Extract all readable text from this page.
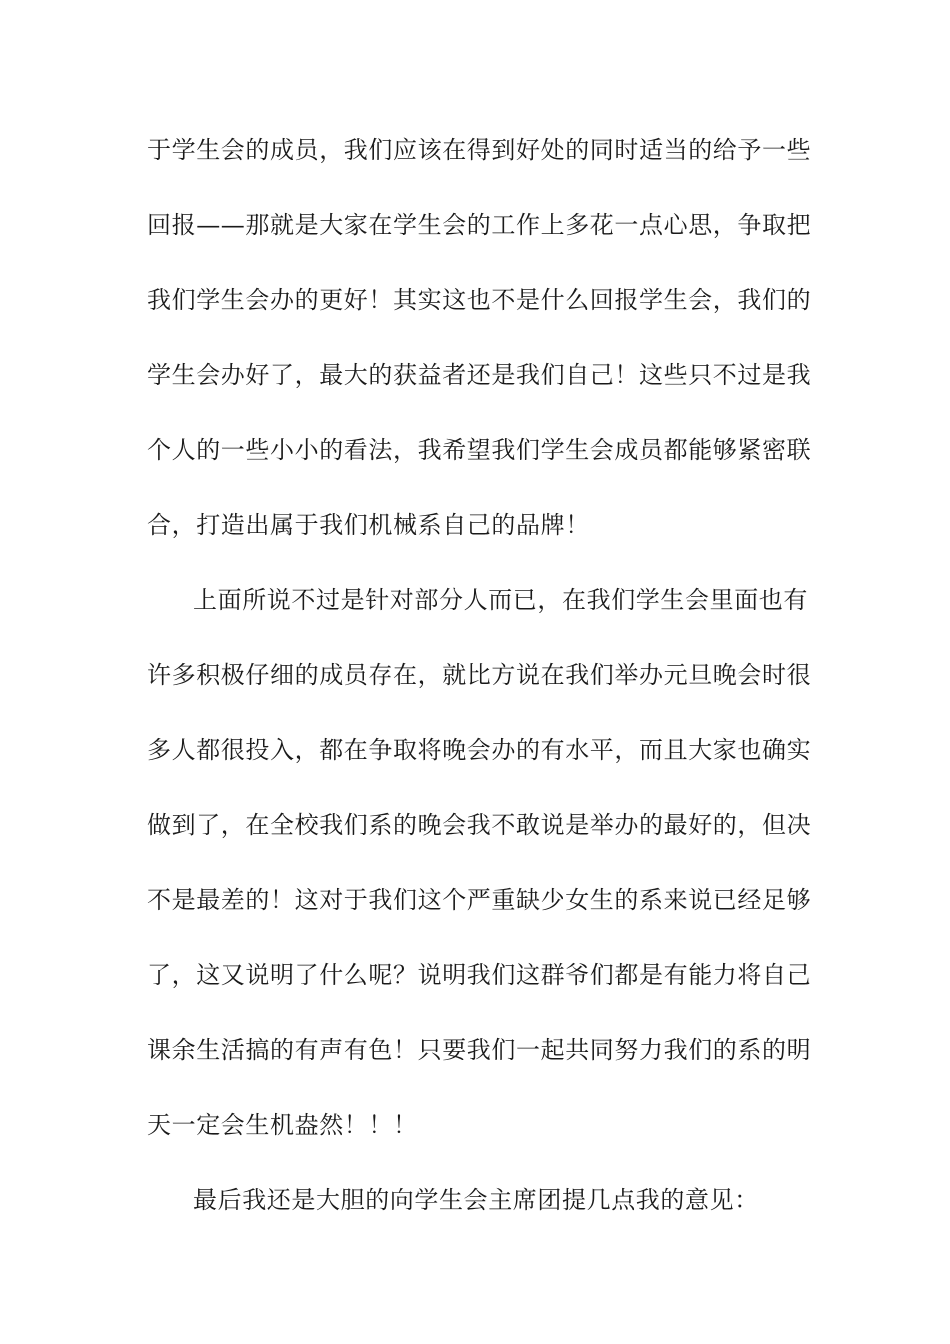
于学生会的成员，我们应该在得到好处的同时适当的给予一些
回报——那就是大家在学生会的工作上多花一点心思，争取把
我们学生会办的更好！其实这也不是什么回报学生会，我们的
学生会办好了，最大的获益者还是我们自己！这些只不过是我
个人的一些小小的看法，我希望我们学生会成员都能够紧密联
合，打造出属于我们机械系自己的品牌！
上面所说不过是针对部分人而已，在我们学生会里面也有
许多积极仔细的成员存在，就比方说在我们举办元旦晚会时很
多人都很投入，都在争取将晚会办的有水平，而且大家也确实
做到了，在全校我们系的晚会我不敢说是举办的最好的，但决
不是最差的！这对于我们这个严重缺少女生的系来说已经足够
了，这又说明了什么呢？说明我们这群爷们都是有能力将自己
课余生活搞的有声有色！只要我们一起共同努力我们的系的明
天一定会生机盎然！！！
最后我还是大胆的向学生会主席团提几点我的意见：
